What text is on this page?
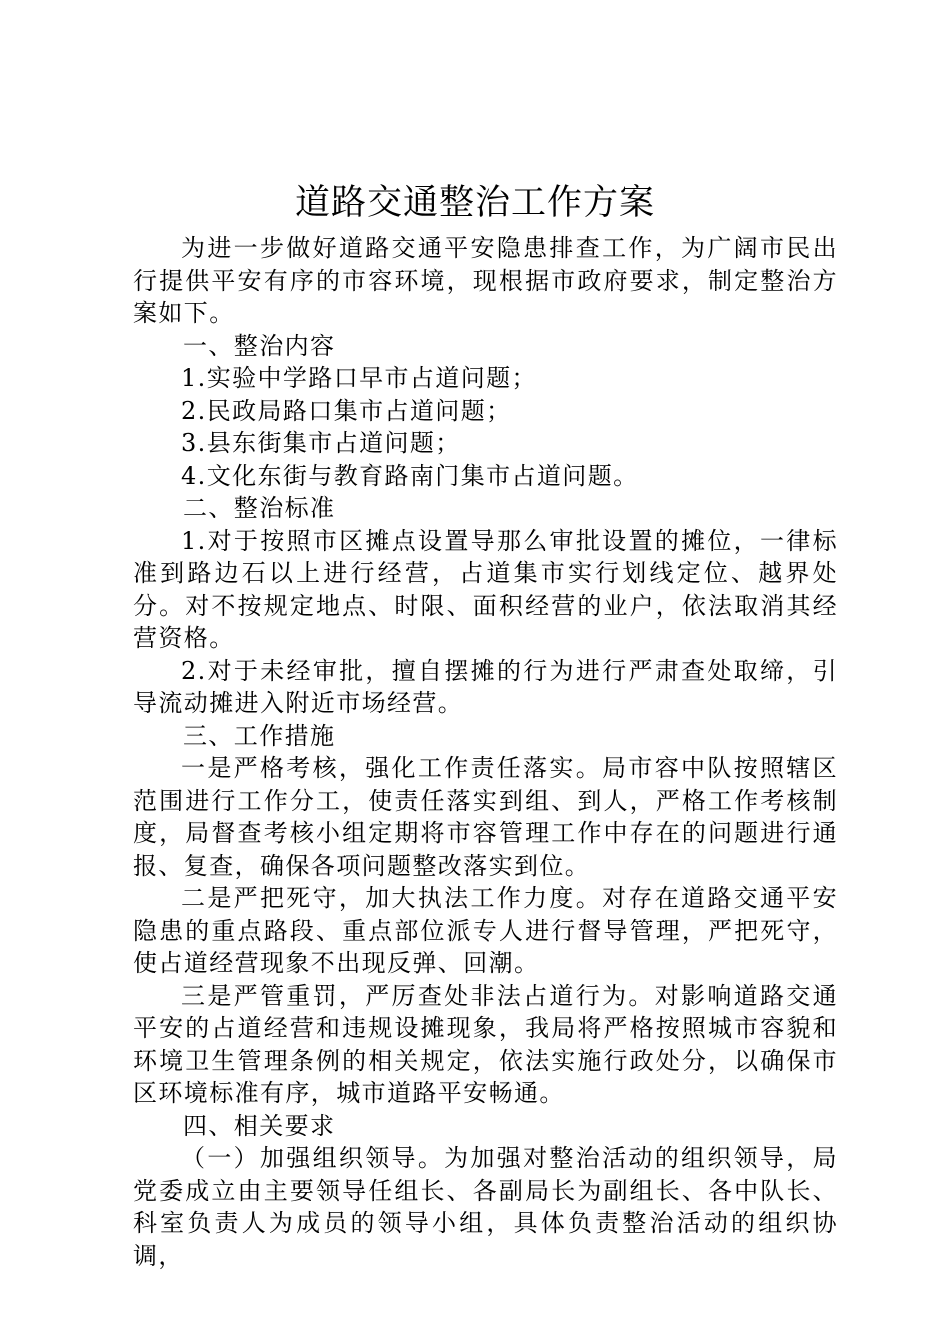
道路交通整治工作方案

为进一步做好道路交通平安隐患排查工作，为广阔市民出行提供平安有序的市容环境，现根据市政府要求，制定整治方案如下。

一、整治内容

1.实验中学路口早市占道问题；

2.民政局路口集市占道问题；

3.县东街集市占道问题；

4.文化东街与教育路南门集市占道问题。

二、整治标准

1.对于按照市区摊点设置导那么审批设置的摊位，一律标准到路边石以上进行经营，占道集市实行划线定位、越界处分。对不按规定地点、时限、面积经营的业户，依法取消其经营资格。

2.对于未经审批，擅自摆摊的行为进行严肃查处取缔，引导流动摊进入附近市场经营。

三、工作措施

一是严格考核，强化工作责任落实。局市容中队按照辖区范围进行工作分工，使责任落实到组、到人，严格工作考核制度，局督查考核小组定期将市容管理工作中存在的问题进行通报、复查，确保各项问题整改落实到位。

二是严把死守，加大执法工作力度。对存在道路交通平安隐患的重点路段、重点部位派专人进行督导管理，严把死守，使占道经营现象不出现反弹、回潮。

三是严管重罚，严厉查处非法占道行为。对影响道路交通平安的占道经营和违规设摊现象，我局将严格按照城市容貌和环境卫生管理条例的相关规定，依法实施行政处分，以确保市区环境标准有序，城市道路平安畅通。

四、相关要求

（一）加强组织领导。为加强对整治活动的组织领导，局党委成立由主要领导任组长、各副局长为副组长、各中队长、科室负责人为成员的领导小组，具体负责整治活动的组织协调，
